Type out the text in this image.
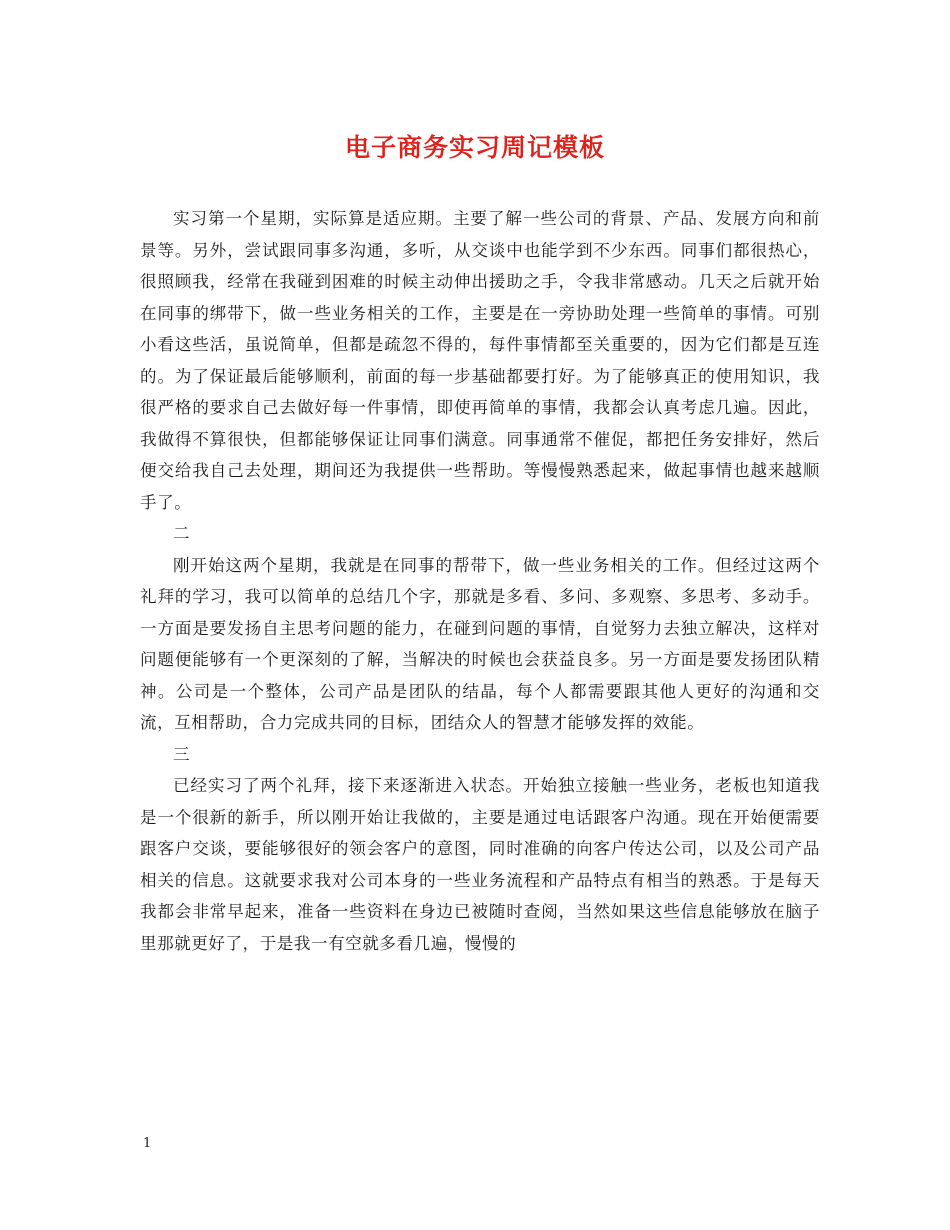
电子商务实习周记模板

实习第一个星期，实际算是适应期。主要了解一些公司的背景、产品、发展方向和前景等。另外，尝试跟同事多沟通，多听，从交谈中也能学到不少东西。同事们都很热心，很照顾我，经常在我碰到困难的时候主动伸出援助之手，令我非常感动。几天之后就开始在同事的绑带下，做一些业务相关的工作，主要是在一旁协助处理一些简单的事情。可别小看这些活，虽说简单，但都是疏忽不得的，每件事情都至关重要的，因为它们都是互连的。为了保证最后能够顺利，前面的每一步基础都要打好。为了能够真正的使用知识，我很严格的要求自己去做好每一件事情，即使再简单的事情，我都会认真考虑几遍。因此，我做得不算很快，但都能够保证让同事们满意。同事通常不催促，都把任务安排好，然后便交给我自己去处理，期间还为我提供一些帮助。等慢慢熟悉起来，做起事情也越来越顺手了。

二

刚开始这两个星期，我就是在同事的帮带下，做一些业务相关的工作。但经过这两个礼拜的学习，我可以简单的总结几个字，那就是多看、多问、多观察、多思考、多动手。一方面是要发扬自主思考问题的能力，在碰到问题的事情，自觉努力去独立解决，这样对问题便能够有一个更深刻的了解，当解决的时候也会获益良多。另一方面是要发扬团队精神。公司是一个整体，公司产品是团队的结晶，每个人都需要跟其他人更好的沟通和交流，互相帮助，合力完成共同的目标，团结众人的智慧才能够发挥的效能。

三

已经实习了两个礼拜，接下来逐渐进入状态。开始独立接触一些业务，老板也知道我是一个很新的新手，所以刚开始让我做的，主要是通过电话跟客户沟通。现在开始便需要跟客户交谈，要能够很好的领会客户的意图，同时准确的向客户传达公司，以及公司产品相关的信息。这就要求我对公司本身的一些业务流程和产品特点有相当的熟悉。于是每天我都会非常早起来，准备一些资料在身边已被随时查阅，当然如果这些信息能够放在脑子里那就更好了，于是我一有空就多看几遍，慢慢的

1
